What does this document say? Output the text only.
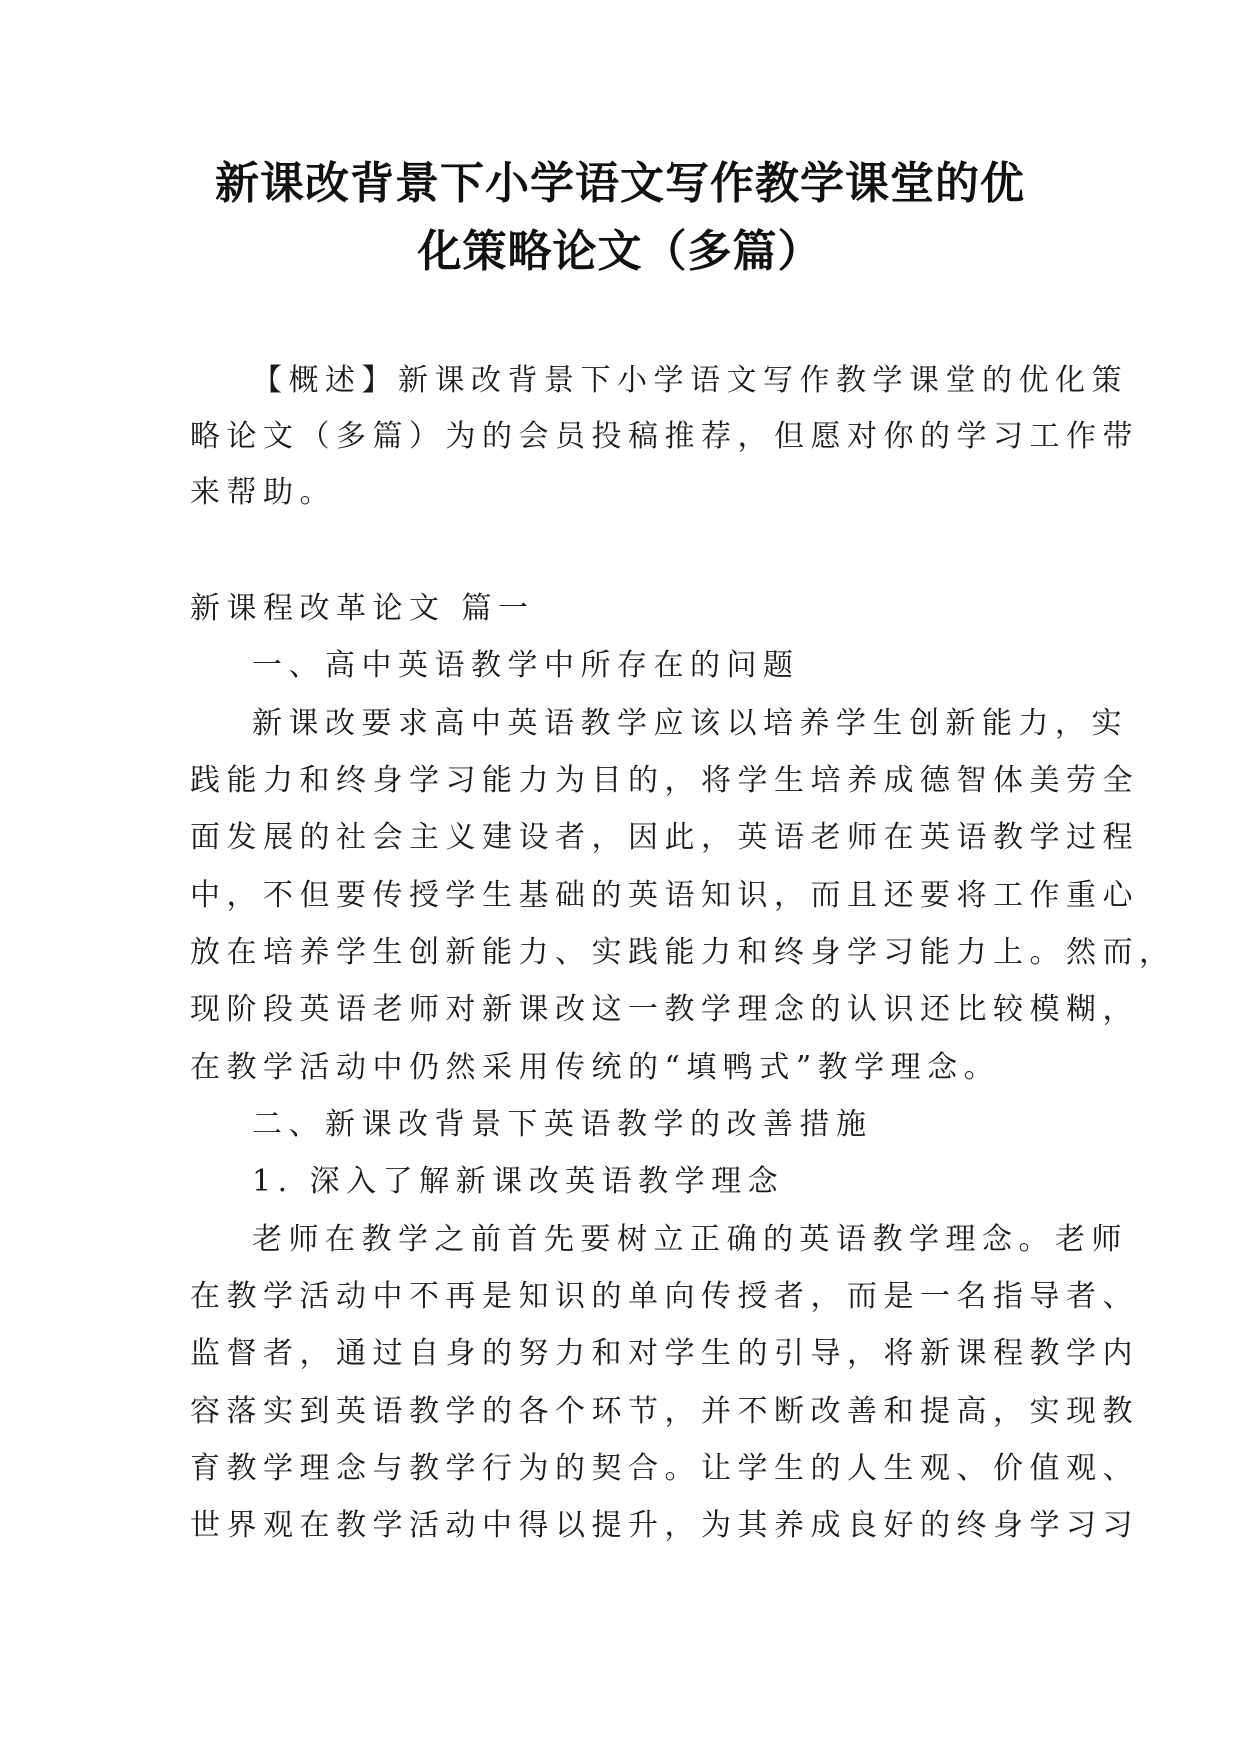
新课改背景下小学语文写作教学课堂的优
化策略论文（多篇）
【概述】新课改背景下小学语文写作教学课堂的优化策
略论文（多篇）为的会员投稿推荐，但愿对你的学习工作带
来帮助。
新课程改革论文 篇一
一、高中英语教学中所存在的问题
新课改要求高中英语教学应该以培养学生创新能力，实
践能力和终身学习能力为目的，将学生培养成德智体美劳全
面发展的社会主义建设者，因此，英语老师在英语教学过程
中，不但要传授学生基础的英语知识，而且还要将工作重心
放在培养学生创新能力、实践能力和终身学习能力上。然而，
现阶段英语老师对新课改这一教学理念的认识还比较模糊，
在教学活动中仍然采用传统的“填鸭式”教学理念。
二、新课改背景下英语教学的改善措施
1. 深入了解新课改英语教学理念
老师在教学之前首先要树立正确的英语教学理念。老师
在教学活动中不再是知识的单向传授者，而是一名指导者、
监督者，通过自身的努力和对学生的引导，将新课程教学内
容落实到英语教学的各个环节，并不断改善和提高，实现教
育教学理念与教学行为的契合。让学生的人生观、价值观、
世界观在教学活动中得以提升，为其养成良好的终身学习习
